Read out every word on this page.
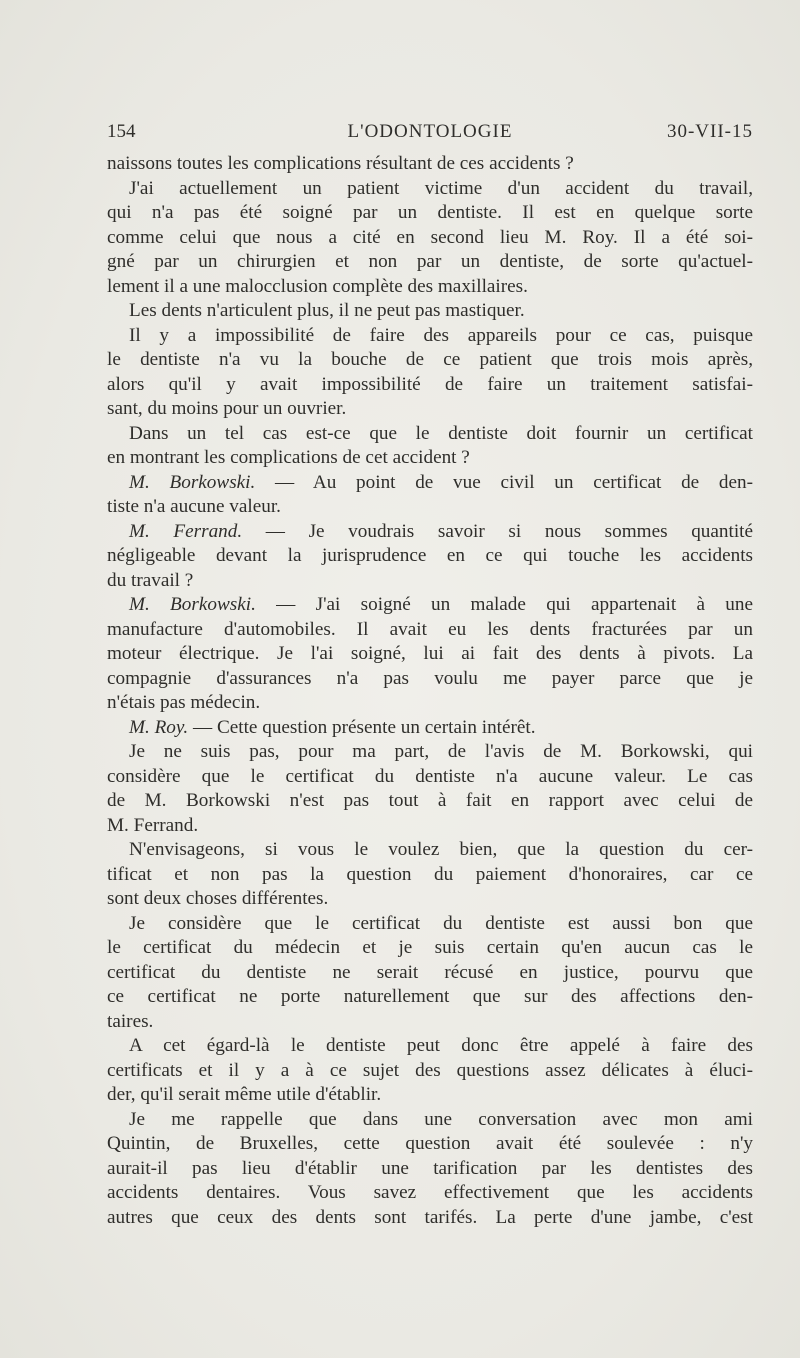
154	L'ODONTOLOGIE	30-VII-15
naissons toutes les complications résultant de ces accidents ?
J'ai actuellement un patient victime d'un accident du travail,
qui n'a pas été soigné par un dentiste. Il est en quelque sorte
comme celui que nous a cité en second lieu M. Roy. Il a été soi-
gné par un chirurgien et non par un dentiste, de sorte qu'actuel-
lement il a une malocclusion complète des maxillaires.
Les dents n'articulent plus, il ne peut pas mastiquer.
Il y a impossibilité de faire des appareils pour ce cas, puisque
le dentiste n'a vu la bouche de ce patient que trois mois après,
alors qu'il y avait impossibilité de faire un traitement satisfai-
sant, du moins pour un ouvrier.
Dans un tel cas est-ce que le dentiste doit fournir un certificat
en montrant les complications de cet accident ?
M. Borkowski. — Au point de vue civil un certificat de den-
tiste n'a aucune valeur.
M. Ferrand. — Je voudrais savoir si nous sommes quantité
négligeable devant la jurisprudence en ce qui touche les accidents
du travail ?
M. Borkowski. — J'ai soigné un malade qui appartenait à une
manufacture d'automobiles. Il avait eu les dents fracturées par un
moteur électrique. Je l'ai soigné, lui ai fait des dents à pivots. La
compagnie d'assurances n'a pas voulu me payer parce que je
n'étais pas médecin.
M. Roy. — Cette question présente un certain intérêt.
Je ne suis pas, pour ma part, de l'avis de M. Borkowski, qui
considère que le certificat du dentiste n'a aucune valeur. Le cas
de M. Borkowski n'est pas tout à fait en rapport avec celui de
M. Ferrand.
N'envisageons, si vous le voulez bien, que la question du cer-
tificat et non pas la question du paiement d'honoraires, car ce
sont deux choses différentes.
Je considère que le certificat du dentiste est aussi bon que
le certificat du médecin et je suis certain qu'en aucun cas le
certificat du dentiste ne serait récusé en justice, pourvu que
ce certificat ne porte naturellement que sur des affections den-
taires.
A cet égard-là le dentiste peut donc être appelé à faire des
certificats et il y a à ce sujet des questions assez délicates à éluci-
der, qu'il serait même utile d'établir.
Je me rappelle que dans une conversation avec mon ami
Quintin, de Bruxelles, cette question avait été soulevée : n'y
aurait-il pas lieu d'établir une tarification par les dentistes des
accidents dentaires. Vous savez effectivement que les accidents
autres que ceux des dents sont tarifés. La perte d'une jambe, c'est
